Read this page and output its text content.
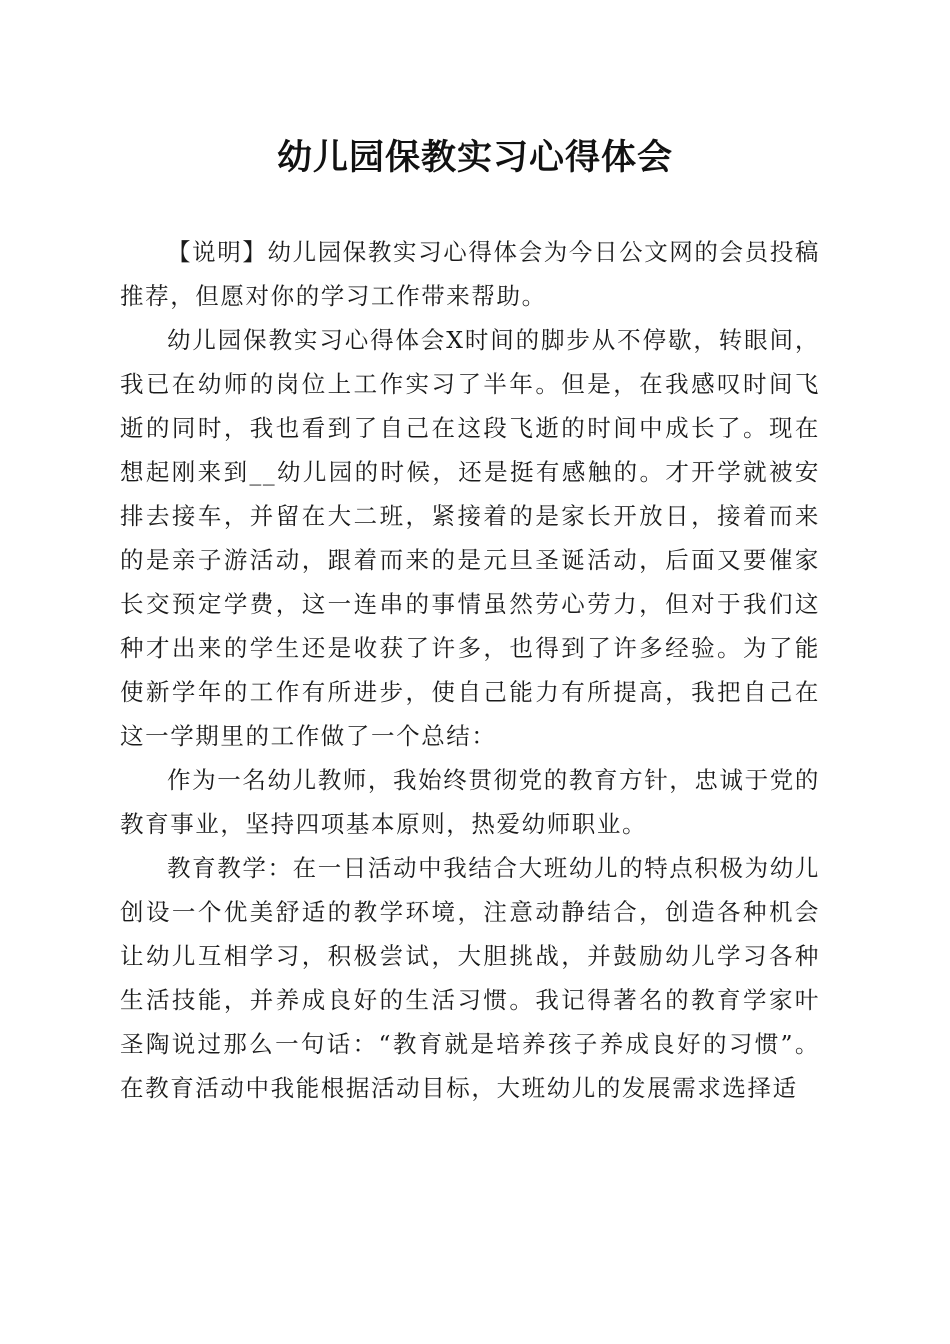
幼儿园保教实习心得体会

【说明】幼儿园保教实习心得体会为今日公文网的会员投稿推荐，但愿对你的学习工作带来帮助。

幼儿园保教实习心得体会X时间的脚步从不停歇，转眼间，我已在幼师的岗位上工作实习了半年。但是，在我感叹时间飞逝的同时，我也看到了自己在这段飞逝的时间中成长了。现在想起刚来到__幼儿园的时候，还是挺有感触的。才开学就被安排去接车，并留在大二班，紧接着的是家长开放日，接着而来的是亲子游活动，跟着而来的是元旦圣诞活动，后面又要催家长交预定学费，这一连串的事情虽然劳心劳力，但对于我们这种才出来的学生还是收获了许多，也得到了许多经验。为了能使新学年的工作有所进步，使自己能力有所提高，我把自己在这一学期里的工作做了一个总结：

作为一名幼儿教师，我始终贯彻党的教育方针，忠诚于党的教育事业，坚持四项基本原则，热爱幼师职业。

教育教学：在一日活动中我结合大班幼儿的特点积极为幼儿创设一个优美舒适的教学环境，注意动静结合，创造各种机会让幼儿互相学习，积极尝试，大胆挑战，并鼓励幼儿学习各种生活技能，并养成良好的生活习惯。我记得著名的教育学家叶圣陶说过那么一句话：“教育就是培养孩子养成良好的习惯”。在教育活动中我能根据活动目标，大班幼儿的发展需求选择适
